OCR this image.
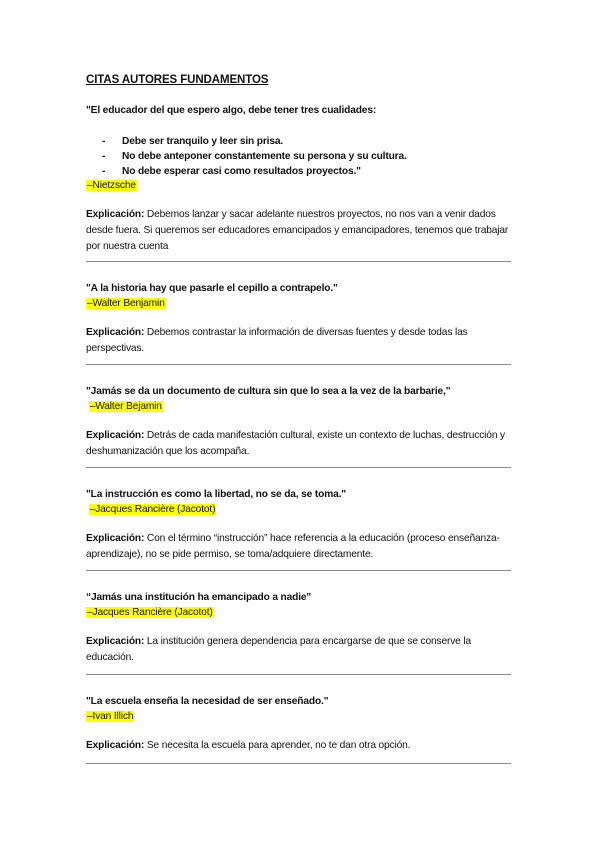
CITAS AUTORES FUNDAMENTOS
"El educador del que espero algo, debe tener tres cualidades:
- Debe ser tranquilo y leer sin prisa.
- No debe anteponer constantemente su persona y su cultura.
- No debe esperar casi como resultados proyectos."
–Nietzsche
Explicación: Debemos lanzar y sacar adelante nuestros proyectos, no nos van a venir dados desde fuera. Si queremos ser educadores emancipados y emancipadores, tenemos que trabajar por nuestra cuenta
"A la historia hay que pasarle el cepillo a contrapelo."
–Walter Benjamin
Explicación: Debemos contrastar la información de diversas fuentes y desde todas las perspectivas.
"Jamás se da un documento de cultura sin que lo sea a la vez de la barbarie,"
–Walter Bejamin
Explicación: Detrás de cada manifestación cultural, existe un contexto de luchas, destrucción y deshumanización que los acompaña.
"La instrucción es como la libertad, no se da, se toma."
–Jacques Rancière (Jacotot)
Explicación: Con el término “instrucción” hace referencia a la educación (proceso enseñanza-aprendizaje), no se pide permiso, se toma/adquiere directamente.
“Jamás una institución ha emancipado a nadie"
–Jacques Rancière (Jacotot)
Explicación: La institución genera dependencia para encargarse de que se conserve la educación.
"La escuela enseña la necesidad de ser enseñado."
–Ivan Illich
Explicación: Se necesita la escuela para aprender, no te dan otra opción.
